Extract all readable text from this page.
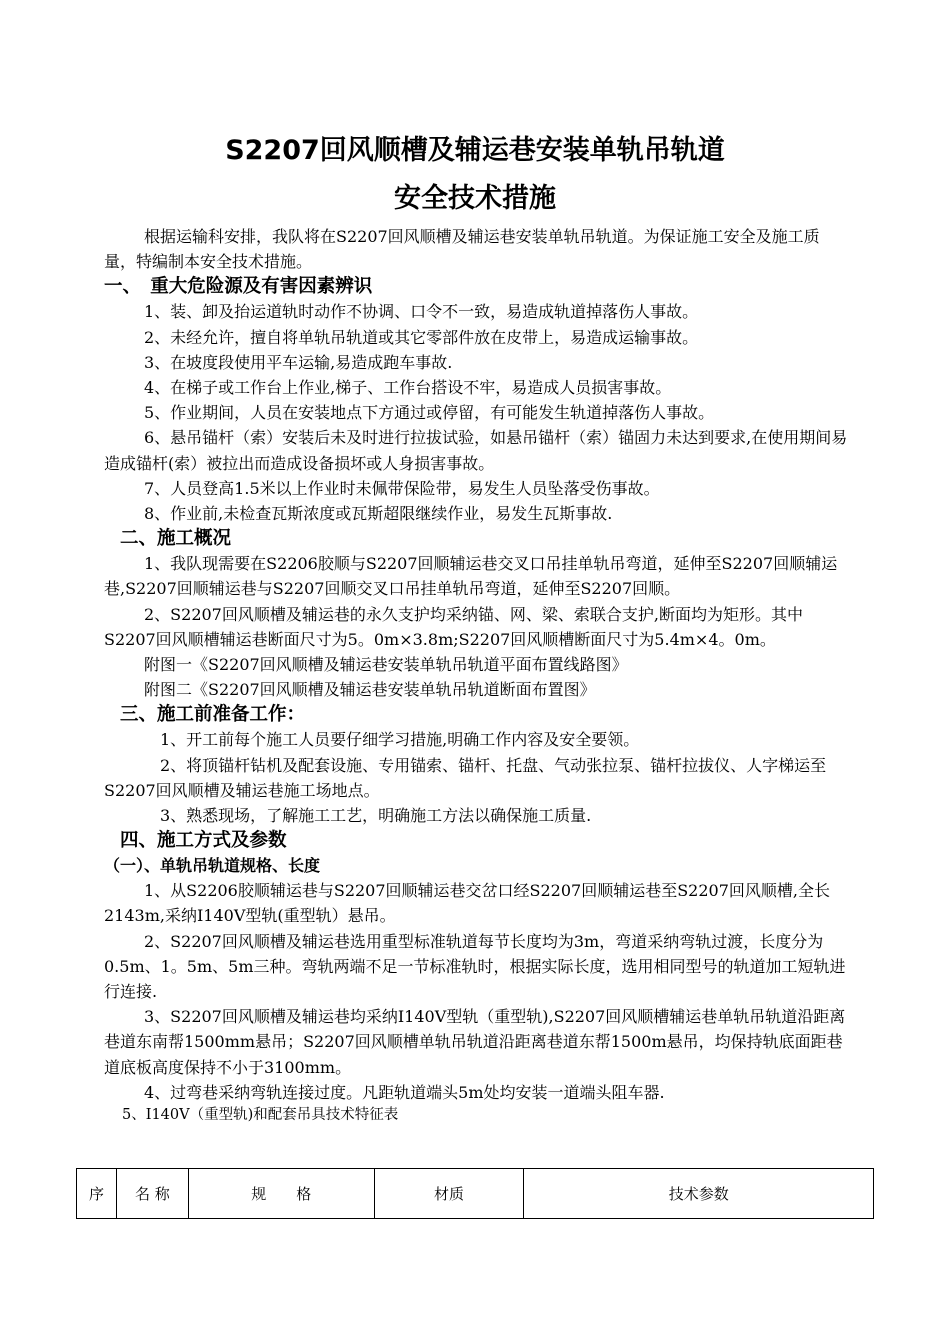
S2207回风顺槽及辅运巷安装单轨吊轨道
安全技术措施

根据运输科安排，我队将在S2207回风顺槽及辅运巷安装单轨吊轨道。为保证施工安全及施工质量，特编制本安全技术措施。

一、　重大危险源及有害因素辨识

1、装、卸及抬运道轨时动作不协调、口令不一致，易造成轨道掉落伤人事故。

2、未经允许，擅自将单轨吊轨道或其它零部件放在皮带上，易造成运输事故。

3、在坡度段使用平车运输,易造成跑车事故.

4、在梯子或工作台上作业,梯子、工作台搭设不牢，易造成人员损害事故。

5、作业期间，人员在安装地点下方通过或停留，有可能发生轨道掉落伤人事故。

6、悬吊锚杆（索）安装后未及时进行拉拔试验，如悬吊锚杆（索）锚固力未达到要求,在使用期间易造成锚杆(索）被拉出而造成设备损坏或人身损害事故。

7、人员登高1.5米以上作业时未佩带保险带，易发生人员坠落受伤事故。

8、作业前,未检查瓦斯浓度或瓦斯超限继续作业，易发生瓦斯事故.

二、施工概况

1、我队现需要在S2206胶顺与S2207回顺辅运巷交叉口吊挂单轨吊弯道，延伸至S2207回顺辅运巷,S2207回顺辅运巷与S2207回顺交叉口吊挂单轨吊弯道，延伸至S2207回顺。

2、S2207回风顺槽及辅运巷的永久支护均采纳锚、网、梁、索联合支护,断面均为矩形。其中S2207回风顺槽辅运巷断面尺寸为5。0m×3.8m;S2207回风顺槽断面尺寸为5.4m×4。0m。

附图一《S2207回风顺槽及辅运巷安装单轨吊轨道平面布置线路图》

附图二《S2207回风顺槽及辅运巷安装单轨吊轨道断面布置图》

三、施工前准备工作：

1、开工前每个施工人员要仔细学习措施,明确工作内容及安全要领。

2、将顶锚杆钻机及配套设施、专用锚索、锚杆、托盘、气动张拉泵、锚杆拉拔仪、人字梯运至S2207回风顺槽及辅运巷施工场地点。

3、熟悉现场，了解施工工艺，明确施工方法以确保施工质量.

四、施工方式及参数

（一）、单轨吊轨道规格、长度

1、从S2206胶顺辅运巷与S2207回顺辅运巷交岔口经S2207回顺辅运巷至S2207回风顺槽,全长2143m,采纳I140V型轨(重型轨）悬吊。

2、S2207回风顺槽及辅运巷选用重型标准轨道每节长度均为3m，弯道采纳弯轨过渡，长度分为0.5m、1。5m、5m三种。弯轨两端不足一节标准轨时，根据实际长度，选用相同型号的轨道加工短轨进行连接.

3、S2207回风顺槽及辅运巷均采纳I140V型轨（重型轨),S2207回风顺槽辅运巷单轨吊轨道沿距离巷道东南帮1500mm悬吊；S2207回风顺槽单轨吊轨道沿距离巷道东帮1500m悬吊，均保持轨底面距巷道底板高度保持不小于3100mm。

4、过弯巷采纳弯轨连接过度。凡距轨道端头5m处均安装一道端头阻车器.

5、I140V（重型轨)和配套吊具技术特征表

序	名 称	规　　格	材质	技术参数
